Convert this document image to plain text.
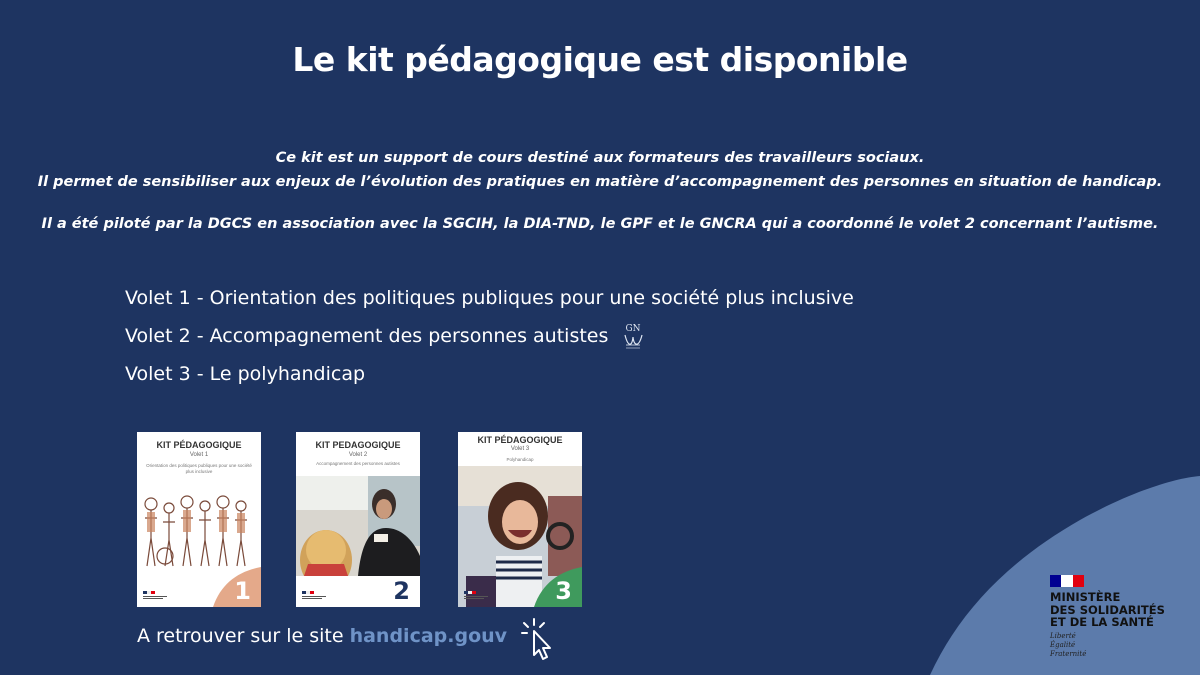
Le kit pédagogique est disponible

Ce kit est un support de cours destiné aux formateurs des travailleurs sociaux.

Il permet de sensibiliser aux enjeux de l’évolution des pratiques en matière d’accompagnement des personnes en situation de handicap.

Il a été piloté par la DGCS en association avec la SGCIH, la DIA-TND, le GPF et le GNCRA qui a coordonné le volet 2 concernant l’autisme.

Volet 1 - Orientation des politiques publiques pour une société plus inclusive
Volet 2 - Accompagnement des personnes autistes GN
Volet 3 - Le polyhandicap
KIT PÉDAGOGIQUE
Volet 1
Orientation des politiques publiques pour une société plus inclusive
1
KIT PEDAGOGIQUE
Volet 2
Accompagnement des personnes autistes
2
KIT PÉDAGOGIQUE
Volet 3
Polyhandicap
3
A retrouver sur le site handicap.gouv
MINISTÈRE
DES SOLIDARITÉS
ET DE LA SANTÉ
Liberté
Égalité
Fraternité
